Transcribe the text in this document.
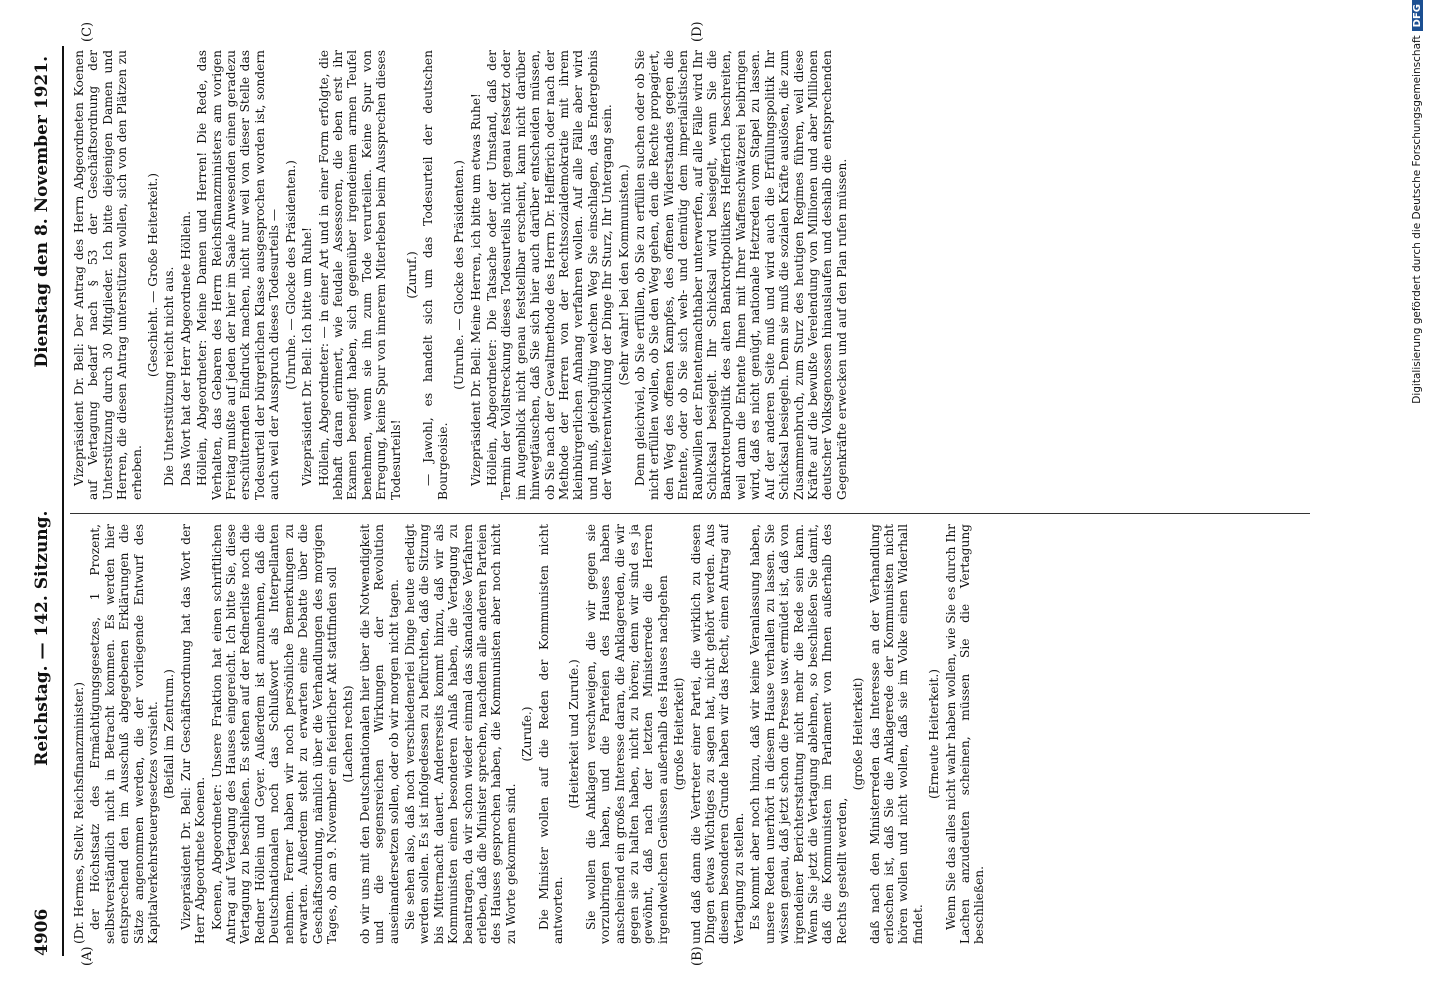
4906
Reichstag. — 142. Sitzung.
Dienstag den 8. November 1921.
(A)	(B)
(C)	(D)

(Dr. Hermes, Stellv. Reichsfinanzminister.) der Höchstsatz des Ermächtigungsgesetzes, 1 Prozent, selbstverständlich nicht in Betracht kommen. Es werden hier entsprechend den im Ausschuß abgegebenen Erklärungen die Sätze angenommen werden, die der vorliegende Entwurf des Kapitalverkehrsteuergesetzes vorsieht. (Beifall im Zentrum.) Vizepräsident Dr. Bell: Zur Geschäftsordnung hat das Wort der Herr Abgeordnete Koenen. Koenen, Abgeordneter: Unsere Fraktion hat einen schriftlichen Antrag auf Vertagung des Hauses eingereicht. Ich bitte Sie, diese Vertagung zu beschließen. Es stehen auf der Rednerliste noch die Redner Höllein und Geyer. Außerdem ist anzunehmen, daß die Deutschnationalen noch das Schlußwort als Interpellanten nehmen. Ferner haben wir noch persönliche Bemerkungen zu erwarten. Außerdem steht zu erwarten eine Debatte über die Geschäftsordnung, nämlich über die Verhandlungen des morgigen Tages, ob am 9. November ein feierlicher Akt stattfinden soll (Lachen rechts) ob wir uns mit den Deutschnationalen hier über die Notwendigkeit und die segensreichen Wirkungen der Revolution auseinandersetzen sollen, oder ob wir morgen nicht tagen. Sie sehen also, daß noch verschiedenerlei Dinge heute erledigt werden sollen. Es ist infolgedessen zu befürchten, daß die Sitzung bis Mitternacht dauert. Andererseits kommt hinzu, daß wir als Kommunisten einen besonderen Anlaß haben, die Vertagung zu beantragen, da wir schon wieder einmal das skandalöse Verfahren erleben, daß die Minister sprechen, nachdem alle anderen Parteien des Hauses gesprochen haben, die Kommunisten aber noch nicht zu Worte gekommen sind.

(Zurufe.) Die Minister wollen auf die Reden der Kommunisten nicht antworten.

(Heiterkeit und Zurufe.) Sie wollen die Anklagen verschweigen, die wir gegen sie vorzubringen haben, und die Parteien des Hauses haben anscheinend ein großes Interesse daran, die Anklagereden, die wir gegen sie zu halten haben, nicht zu hören; denn wir sind es ja gewöhnt, daß nach der letzten Ministerrede die Herren irgendwelchen Genüssen außerhalb des Hauses nachgehen (große Heiterkeit) und daß dann die Vertreter einer Partei, die wirklich zu diesen Dingen etwas Wichtiges zu sagen hat, nicht gehört werden. Aus diesem besonderen Grunde haben wir das Recht, einen Antrag auf Vertagung zu stellen. Es kommt aber noch hinzu, daß wir keine Veranlassung haben, unsere Reden unerhört in diesem Hause verhallen zu lassen. Sie wissen genau, daß jetzt schon die Presse usw. ermüdet ist, daß von irgendeiner Berichterstattung nicht mehr die Rede sein kann. Wenn Sie jetzt die Vertagung ablehnen, so beschließen Sie damit, daß die Kommunisten im Parlament von Ihnen außerhalb des Rechts gestellt werden,

(große Heiterkeit) daß nach den Ministerreden das Interesse an der Verhandlung erloschen ist, daß Sie die Anklagerede der Kommunisten nicht hören wollen und nicht wollen, daß sie im Volke einen Widerhall findet.

(Erneute Heiterkeit.) Wenn Sie das alles nicht wahr haben wollen, wie Sie es durch Ihr Lachen anzudeuten scheinen, müssen Sie die Vertagung beschließen.

Vizepräsident Dr. Bell: Der Antrag des Herrn Abgeordneten Koenen auf Vertagung bedarf nach § 53 der Geschäftsordnung der Unterstützung durch 30 Mitglieder. Ich bitte diejenigen Damen und Herren, die diesen Antrag unterstützen wollen, sich von den Plätzen zu erheben.

(Geschieht. — Große Heiterkeit.) Die Unterstützung reicht nicht aus. Das Wort hat der Herr Abgeordnete Höllein. Höllein, Abgeordneter: Meine Damen und Herren! Die Rede, das Verhalten, das Gebaren des Herrn Reichsfinanzministers am vorigen Freitag mußte auf jeden der hier im Saale Anwesenden einen geradezu erschütternden Eindruck machen, nicht nur weil von dieser Stelle das Todesurteil der bürgerlichen Klasse ausgesprochen worden ist, sondern auch weil der Ausspruch dieses Todesurteils — (Unruhe. — Glocke des Präsidenten.) Vizepräsident Dr. Bell: Ich bitte um Ruhe! Höllein, Abgeordneter: — in einer Art und in einer Form erfolgte, die lebhaft daran erinnert, wie feudale Assessoren, die eben erst ihr Examen beendigt haben, sich gegenüber irgendeinem armen Teufel benehmen, wenn sie ihn zum Tode verurteilen. Keine Spur von Erregung, keine Spur von innerem Miterleben beim Aussprechen dieses Todesurteils!

(Zuruf.) — Jawohl, es handelt sich um das Todesurteil der deutschen Bourgeoisie.

(Unruhe. — Glocke des Präsidenten.) Vizepräsident Dr. Bell: Meine Herren, ich bitte um etwas Ruhe! Höllein, Abgeordneter: Die Tatsache oder der Umstand, daß der Termin der Vollstreckung dieses Todesurteils nicht genau festsetzt oder im Augenblick nicht genau feststellbar erscheint, kann nicht darüber hinwegtäuschen, daß Sie sich hier auch darüber entscheiden müssen, ob Sie nach der Gewaltmethode des Herrn Dr. Helfferich oder nach der Methode der Herren von der Rechtssozialdemokratie mit ihrem kleinbürgerlichen Anhang verfahren wollen. Auf alle Fälle aber wird und muß, gleichgültig welchen Weg Sie einschlagen, das Endergebnis der Weiterentwicklung der Dinge Ihr Sturz, Ihr Untergang sein. (Sehr wahr! bei den Kommunisten.) Denn gleichviel, ob Sie erfüllen, ob Sie zu erfüllen suchen oder ob Sie nicht erfüllen wollen, ob Sie den Weg gehen, den die Rechte propagiert, den Weg des offenen Kampfes, des offenen Widerstandes gegen die Entente, oder ob Sie sich weh- und demütig dem imperialistischen Raubwillen der Ententemachthaber unterwerfen, auf alle Fälle wird Ihr Schicksal besiegelt. Ihr Schicksal wird besiegelt, wenn Sie die Bankrotteurpolitik des alten Bankrottpolitikers Helfferich beschreiten, weil dann die Entente Ihnen mit Ihrer Waffenschwätzerei beibringen wird, daß es nicht genügt, nationale Hetzreden vom Stapel zu lassen. Auf der anderen Seite muß und wird auch die Erfüllungspolitik Ihr Schicksal besiegeln. Denn sie muß die sozialen Kräfte auslösen, die zum Zusammenbruch, zum Sturz des heutigen Regimes führen, weil diese Kräfte auf die bewußte Verelendung von Millionen und aber Millionen deutscher Volksgenossen hinauslaufen und deshalb die entsprechenden Gegenkräfte erwecken und auf den Plan rufen müssen.	Digitalisierung gefördert durch die Deutsche Forschungsgemeinschaft
DFG
